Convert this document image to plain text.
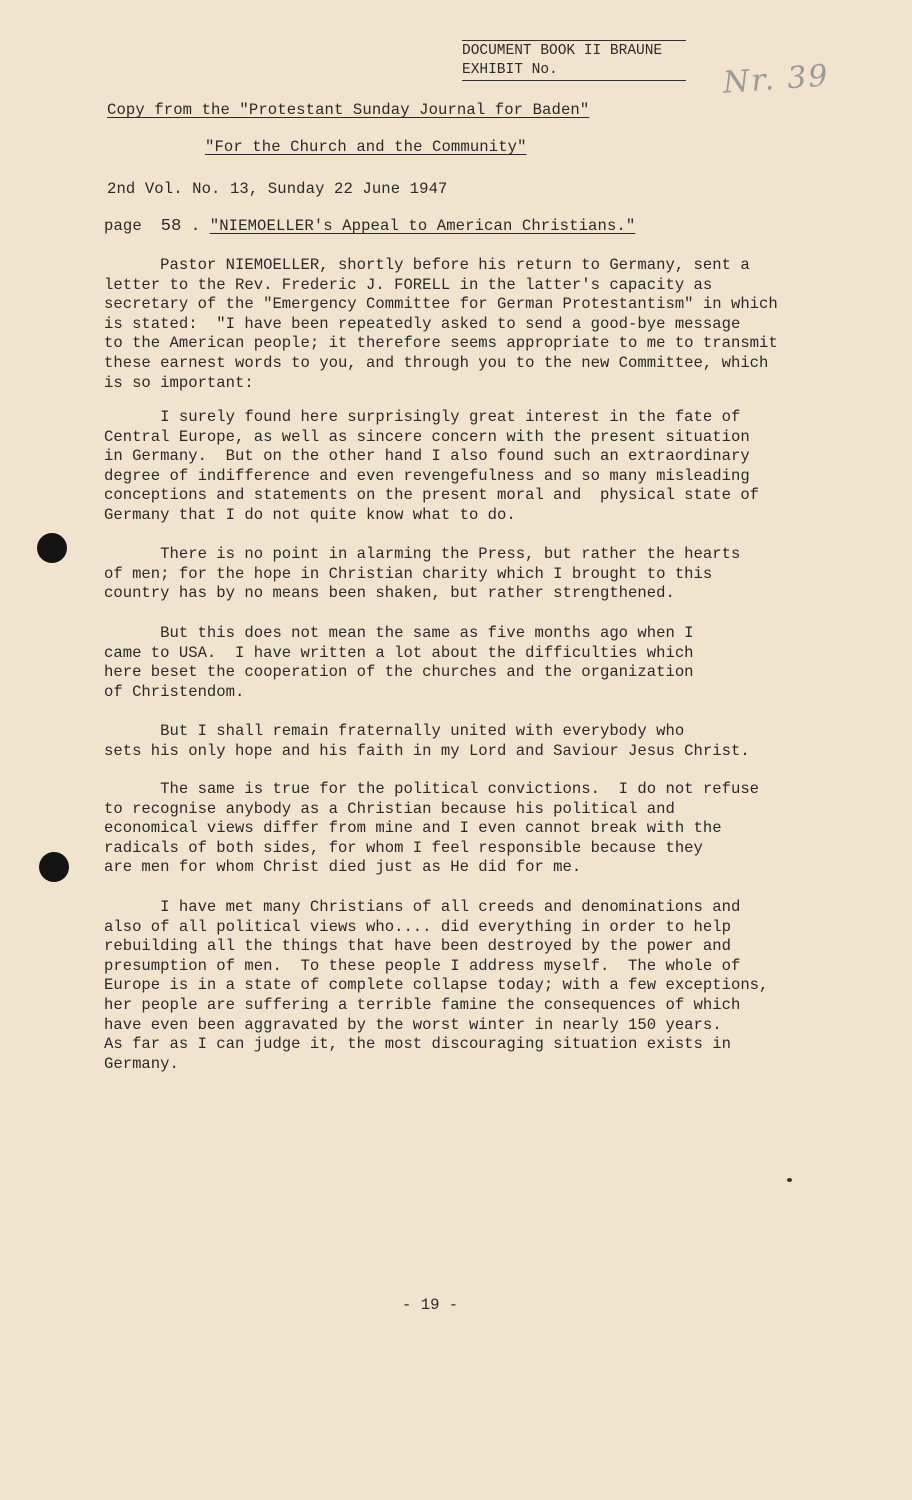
DOCUMENT BOOK II BRAUNE
EXHIBIT No.	Nr. 39
Copy from the "Protestant Sunday Journal for Baden"
"For the Church and the Community"
2nd Vol. No. 13, Sunday 22 June 1947
page 58 . "NIEMOELLER's Appeal to American Christians."
Pastor NIEMOELLER, shortly before his return to Germany, sent a
letter to the Rev. Frederic J. FORELL in the latter's capacity as
secretary of the "Emergency Committee for German Protestantism" in which
is stated:  "I have been repeatedly asked to send a good-bye message
to the American people; it therefore seems appropriate to me to transmit
these earnest words to you, and through you to the new Committee, which
is so important:
I surely found here surprisingly great interest in the fate of
Central Europe, as well as sincere concern with the present situation
in Germany.  But on the other hand I also found such an extraordinary
degree of indifference and even revengefulness and so many misleading
conceptions and statements on the present moral and  physical state of
Germany that I do not quite know what to do.
There is no point in alarming the Press, but rather the hearts
of men; for the hope in Christian charity which I brought to this
country has by no means been shaken, but rather strengthened.
But this does not mean the same as five months ago when I
came to USA.  I have written a lot about the difficulties which
here beset the cooperation of the churches and the organization
of Christendom.
But I shall remain fraternally united with everybody who
sets his only hope and his faith in my Lord and Saviour Jesus Christ.
The same is true for the political convictions.  I do not refuse
to recognise anybody as a Christian because his political and
economical views differ from mine and I even cannot break with the
radicals of both sides, for whom I feel responsible because they
are men for whom Christ died just as He did for me.
I have met many Christians of all creeds and denominations and
also of all political views who.... did everything in order to help
rebuilding all the things that have been destroyed by the power and
presumption of men.  To these people I address myself.  The whole of
Europe is in a state of complete collapse today; with a few exceptions,
her people are suffering a terrible famine the consequences of which
have even been aggravated by the worst winter in nearly 150 years.
As far as I can judge it, the most discouraging situation exists in
Germany.
- 19 -
